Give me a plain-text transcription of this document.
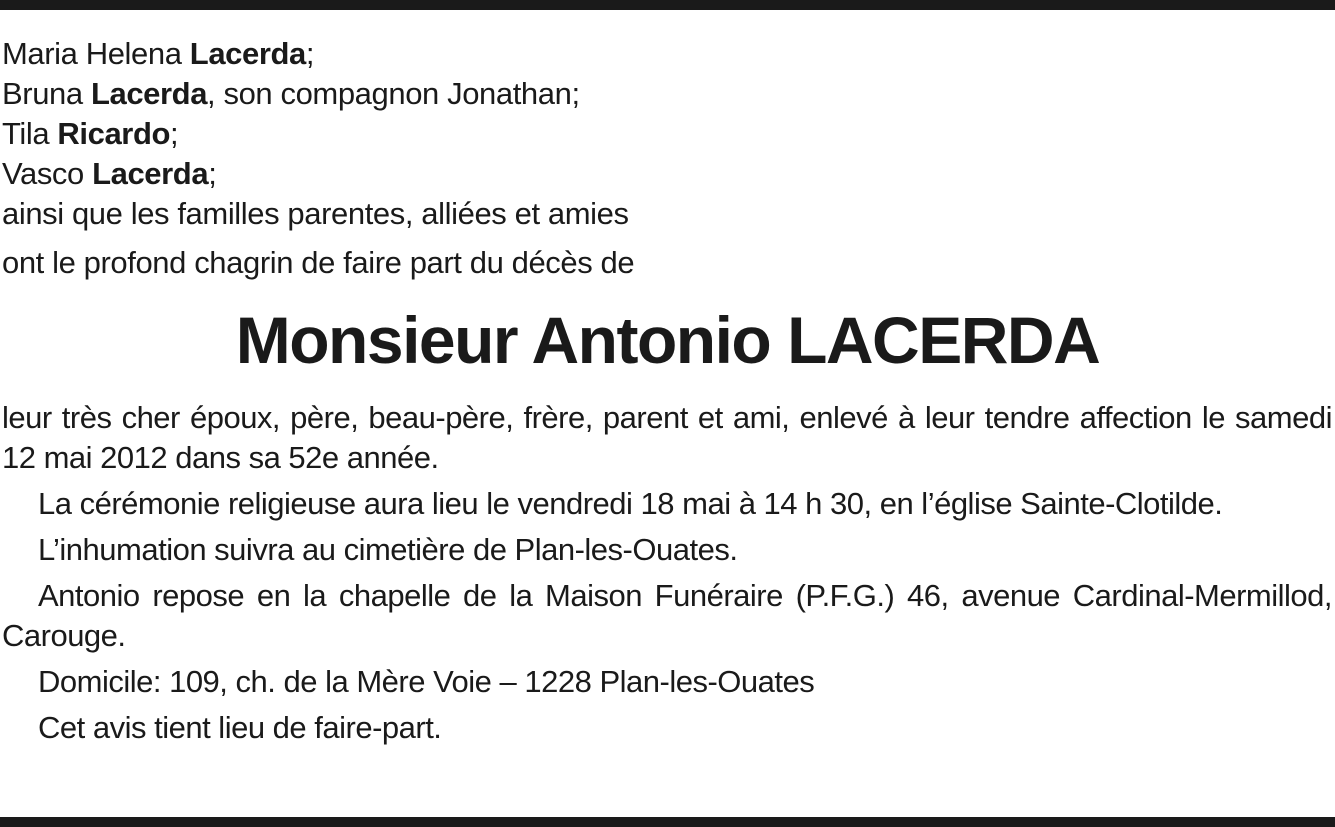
Maria Helena Lacerda;
Bruna Lacerda, son compagnon Jonathan;
Tila Ricardo;
Vasco Lacerda;
ainsi que les familles parentes, alliées et amies
ont le profond chagrin de faire part du décès de
Monsieur Antonio LACERDA

leur très cher époux, père, beau-père, frère, parent et ami, enlevé à leur tendre affection le samedi 12 mai 2012 dans sa 52e année.

La cérémonie religieuse aura lieu le vendredi 18 mai à 14 h 30, en l’église Sainte-Clotilde.

L’inhumation suivra au cimetière de Plan-les-Ouates.

Antonio repose en la chapelle de la Maison Funéraire (P.F.G.) 46, avenue Cardinal-Mermillod, Carouge.

Domicile: 109, ch. de la Mère Voie – 1228 Plan-les-Ouates

Cet avis tient lieu de faire-part.
